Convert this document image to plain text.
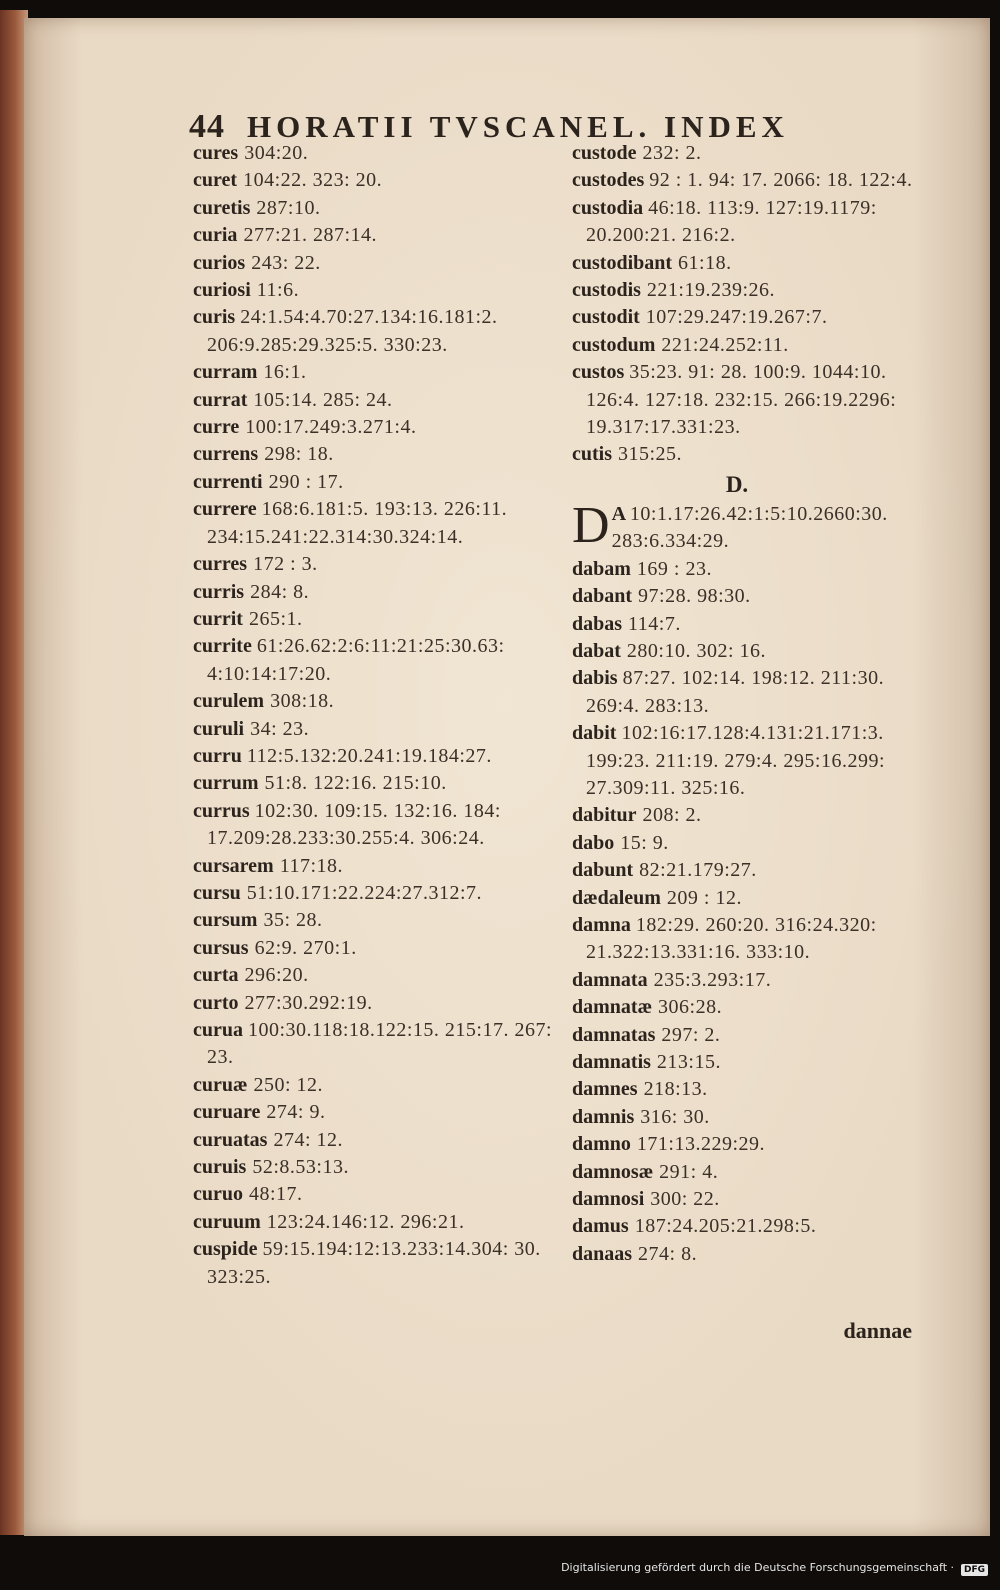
44 HORATII TVSCANEL. INDEX
cures 304:20.
curet 104:22. 323: 20.
curetis 287:10.
curia 277:21. 287:14.
curios 243: 22.
curiosi 11:6.
curis 24:1.54:4.70:27.134:16.181:2. 206:9.285:29.325:5. 330:23.
curram 16:1.
currat 105:14. 285: 24.
curre 100:17.249:3.271:4.
currens 298: 18.
currenti 290 : 17.
currere 168:6.181:5. 193:13. 226:11. 234:15.241:22.314:30.324:14.
curres 172 : 3.
curris 284: 8.
currit 265:1.
currite 61:26.62:2:6:11:21:25:30.63: 4:10:14:17:20.
curulem 308:18.
curuli 34: 23.
curru 112:5.132:20.241:19.184:27.
currum 51:8. 122:16. 215:10.
currus 102:30. 109:15. 132:16. 184: 17.209:28.233:30.255:4. 306:24.
cursarem 117:18.
cursu 51:10.171:22.224:27.312:7.
cursum 35: 28.
cursus 62:9. 270:1.
curta 296:20.
curto 277:30.292:19.
curua 100:30.118:18.122:15. 215:17. 267: 23.
curuæ 250: 12.
curuare 274: 9.
curuatas 274: 12.
curuis 52:8.53:13.
curuo 48:17.
curuum 123:24.146:12. 296:21.
cuspide 59:15.194:12:13.233:14.304: 30. 323:25.
custode 232: 2.
custodes 92 : 1. 94: 17. 2066: 18. 122:4.
custodia 46:18. 113:9. 127:19.1179: 20.200:21. 216:2.
custodibant 61:18.
custodis 221:19.239:26.
custodit 107:29.247:19.267:7.
custodum 221:24.252:11.
custos 35:23. 91: 28. 100:9. 1044:10. 126:4. 127:18. 232:15. 266:19.2296: 19.317:17.331:23.
cutis 315:25.
D.
D A 10:1.17:26.42:1:5:10.2660:30. 283:6.334:29.
dabam 169 : 23.
dabant 97:28. 98:30.
dabas 114:7.
dabat 280:10. 302: 16.
dabis 87:27. 102:14. 198:12. 211:30. 269:4. 283:13.
dabit 102:16:17.128:4.131:21.171:3. 199:23. 211:19. 279:4. 295:16.299: 27.309:11. 325:16.
dabitur 208: 2.
dabo 15: 9.
dabunt 82:21.179:27.
dædaleum 209 : 12.
damna 182:29. 260:20. 316:24.320: 21.322:13.331:16. 333:10.
damnata 235:3.293:17.
damnatæ 306:28.
damnatas 297: 2.
damnatis 213:15.
damnes 218:13.
damnis 316: 30.
damno 171:13.229:29.
damnosæ 291: 4.
damnosi 300: 22.
damus 187:24.205:21.298:5.
danaas 274: 8.
dannae
Digitalisierung gefördert durch die Deutsche Forschungsgemeinschaft ·	DFG
